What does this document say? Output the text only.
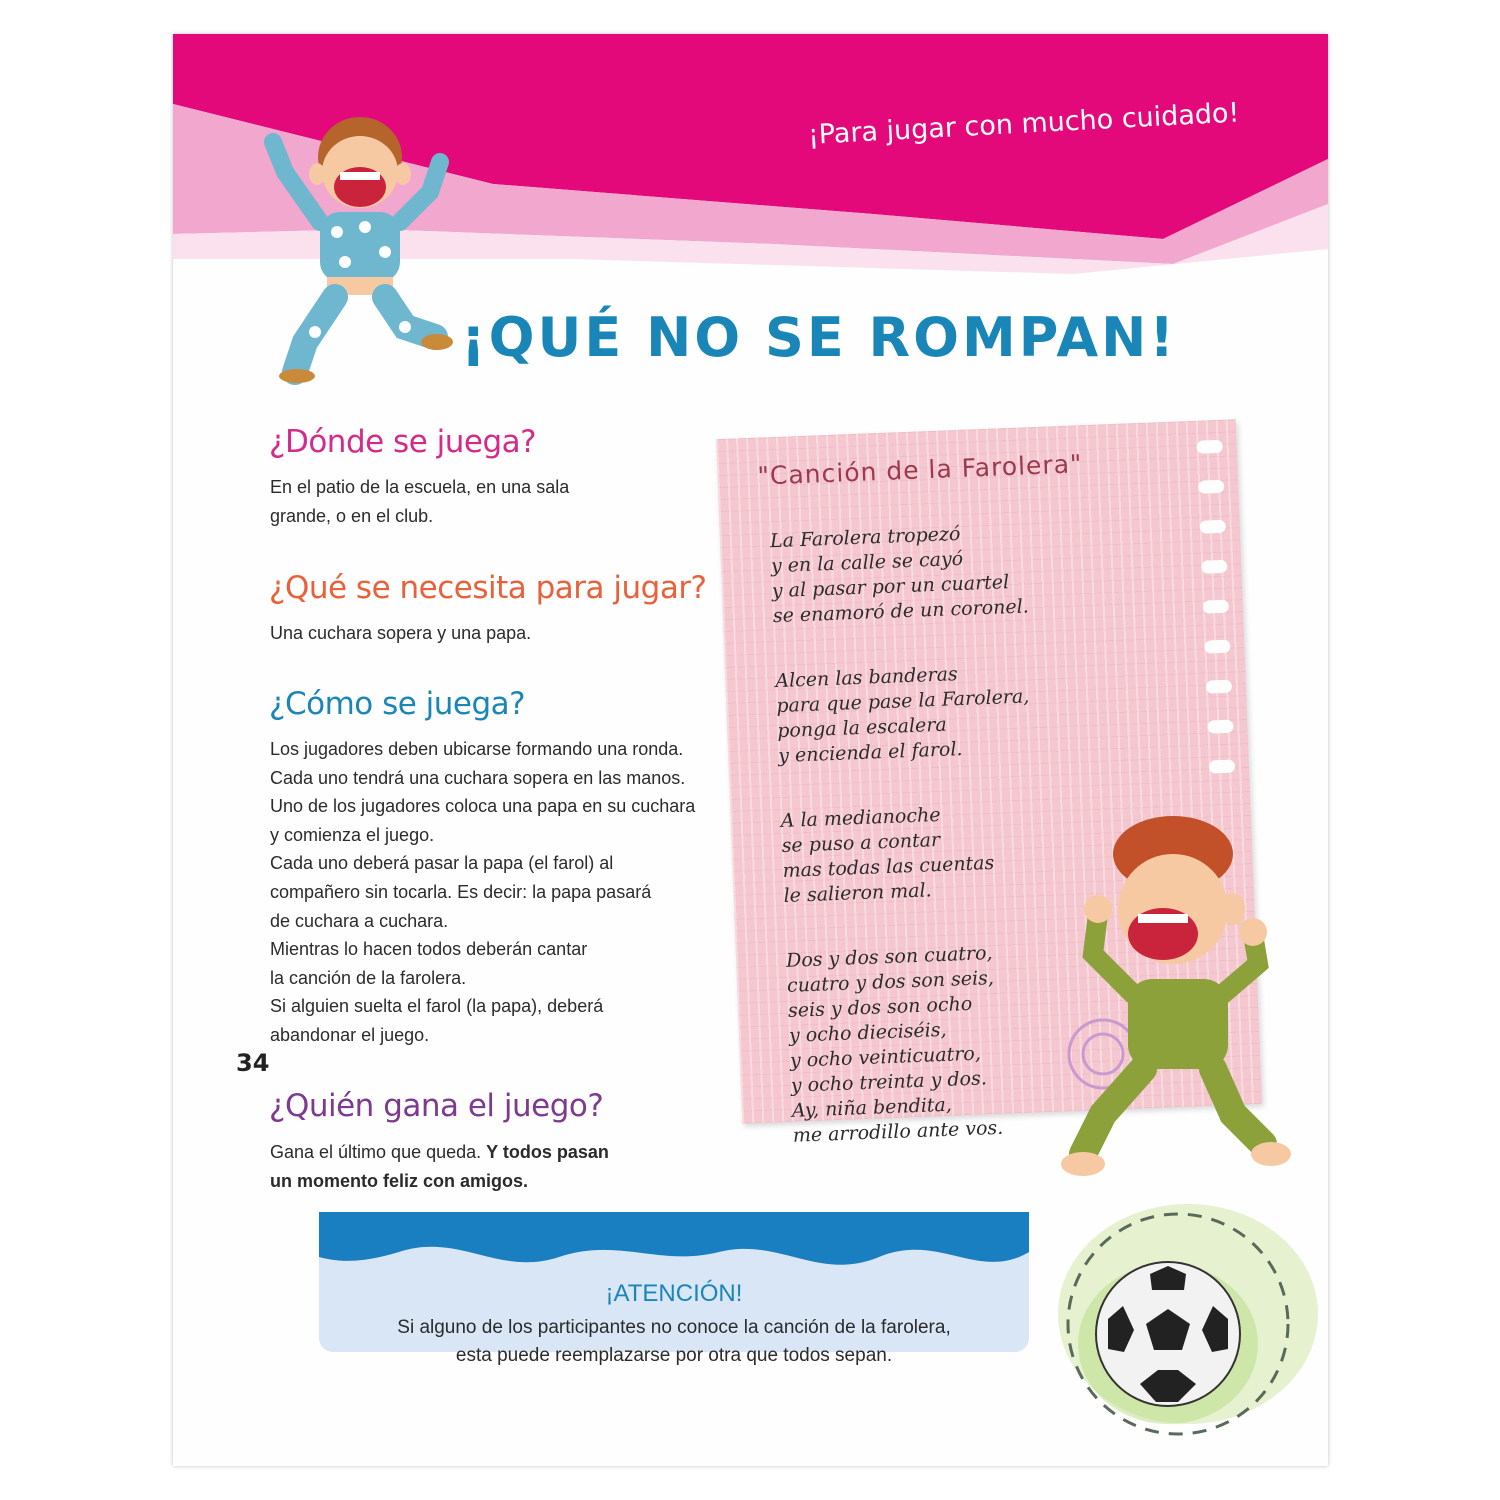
¡Para jugar con mucho cuidado!
¡QUÉ NO SE ROMPAN!
¿Dónde se juega?
En el patio de la escuela, en una sala
grande, o en el club.
¿Qué se necesita para jugar?
Una cuchara sopera y una papa.
¿Cómo se juega?
Los jugadores deben ubicarse formando una ronda.
Cada uno tendrá una cuchara sopera en las manos.
Uno de los jugadores coloca una papa en su cuchara
y comienza el juego.
Cada uno deberá pasar la papa (el farol) al
compañero sin tocarla. Es decir: la papa pasará
de cuchara a cuchara.
Mientras lo hacen todos deberán cantar
la canción de la farolera.
Si alguien suelta el farol (la papa), deberá
abandonar el juego.
¿Quién gana el juego?
Gana el último que queda. Y todos pasan
un momento feliz con amigos.
"Canción de la Farolera"
La Farolera tropezó
y en la calle se cayó
y al pasar por un cuartel
se enamoró de un coronel.
Alcen las banderas
para que pase la Farolera,
ponga la escalera
y encienda el farol.
A la medianoche
se puso a contar
mas todas las cuentas
le salieron mal.
Dos y dos son cuatro,
cuatro y dos son seis,
seis y dos son ocho
y ocho dieciséis,
y ocho veinticuatro,
y ocho treinta y dos.
Ay, niña bendita,
me arrodillo ante vos.
¡ATENCIÓN!
Si alguno de los participantes no conoce la canción de la farolera,
esta puede reemplazarse por otra que todos sepan.
34
